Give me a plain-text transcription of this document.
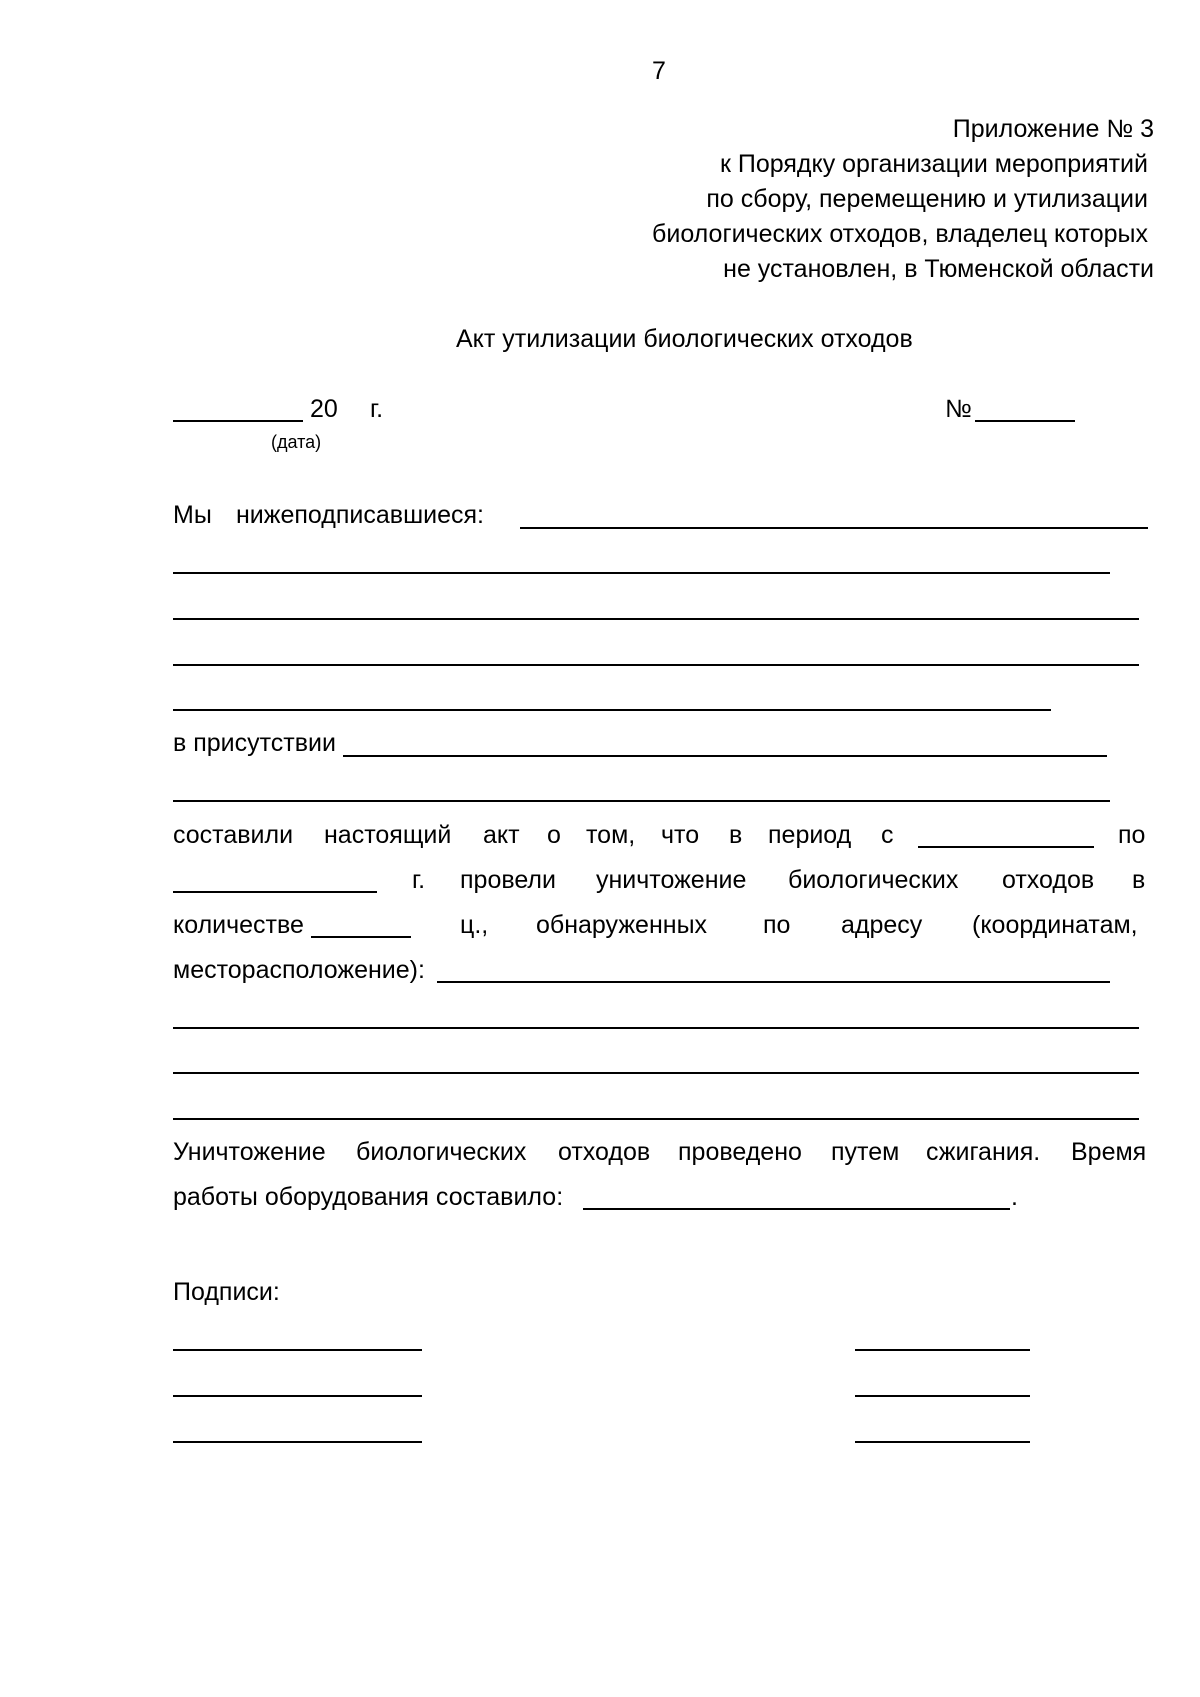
7
Приложение № 3
к Порядку организации мероприятий
по сбору, перемещению и утилизации
биологических отходов, владелец которых
не установлен, в Тюменской области
Акт утилизации биологических отходов
20 г.
(дата)
№
Мы нижеподписавшиеся:
в присутствии
составили настоящий акт о том, что в период с	по
г. провели уничтожение биологических отходов в
количестве	ц., обнаруженных по адресу (координатам,
месторасположение):
Уничтожение биологических отходов проведено путем сжигания. Время
работы оборудования составило:	.
Подписи:
